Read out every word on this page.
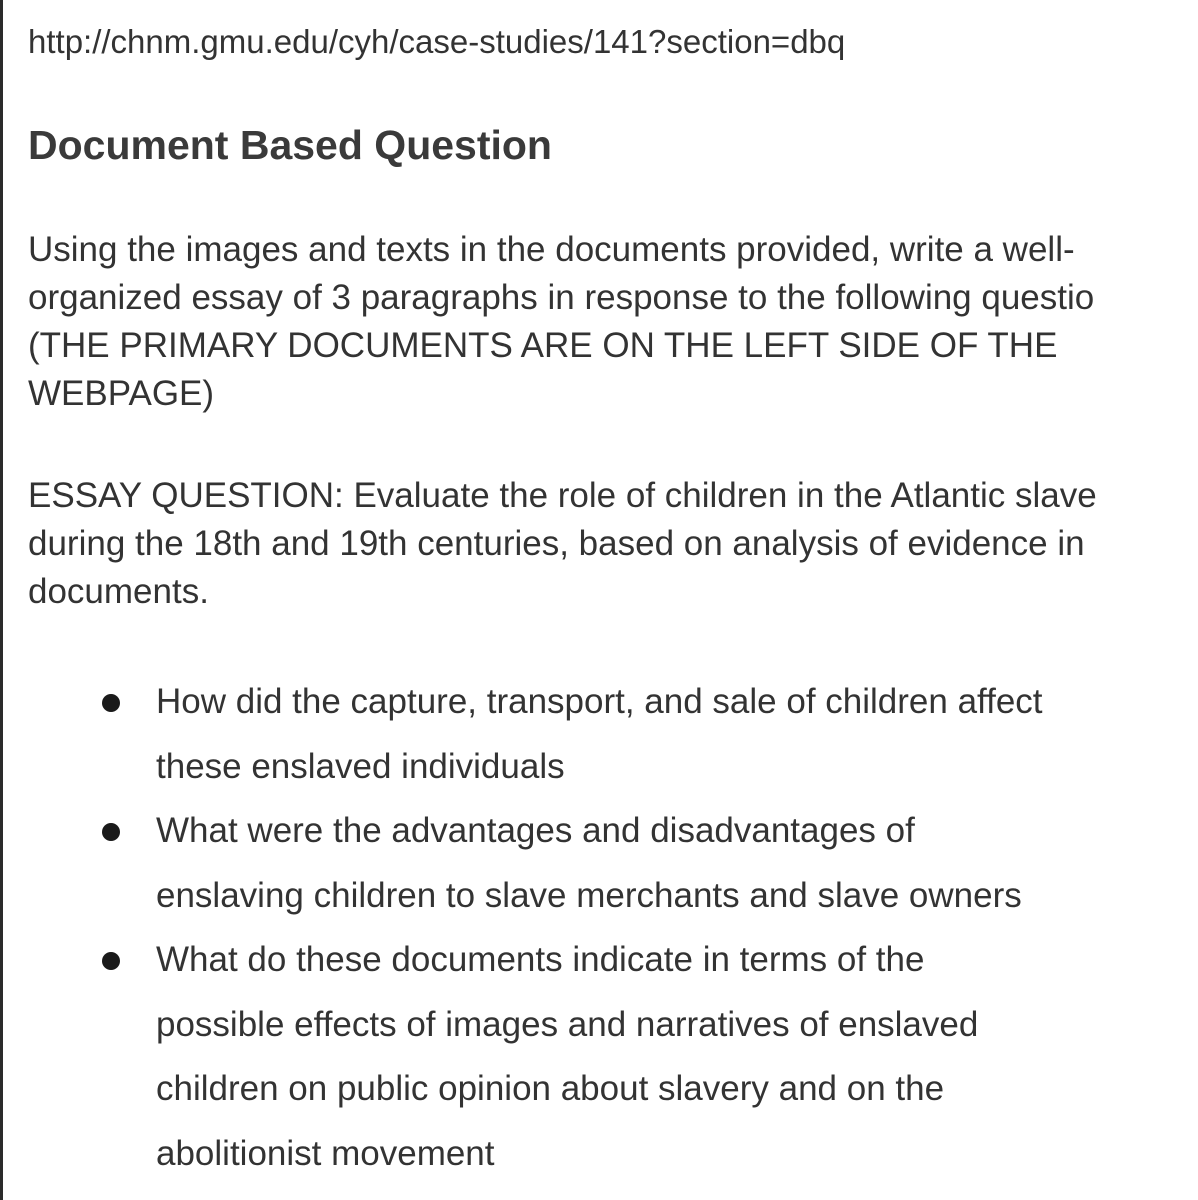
http://chnm.gmu.edu/cyh/case-studies/141?section=dbq
Document Based Question
Using the images and texts in the documents provided, write a well-
organized essay of 3 paragraphs in response to the following questio
(THE PRIMARY DOCUMENTS ARE ON THE LEFT SIDE OF THE
WEBPAGE)
ESSAY QUESTION: Evaluate the role of children in the Atlantic slave
during the 18th and 19th centuries, based on analysis of evidence in
documents.
How did the capture, transport, and sale of children affect
these enslaved individuals
What were the advantages and disadvantages of
enslaving children to slave merchants and slave owners
What do these documents indicate in terms of the
possible effects of images and narratives of enslaved
children on public opinion about slavery and on the
abolitionist movement
